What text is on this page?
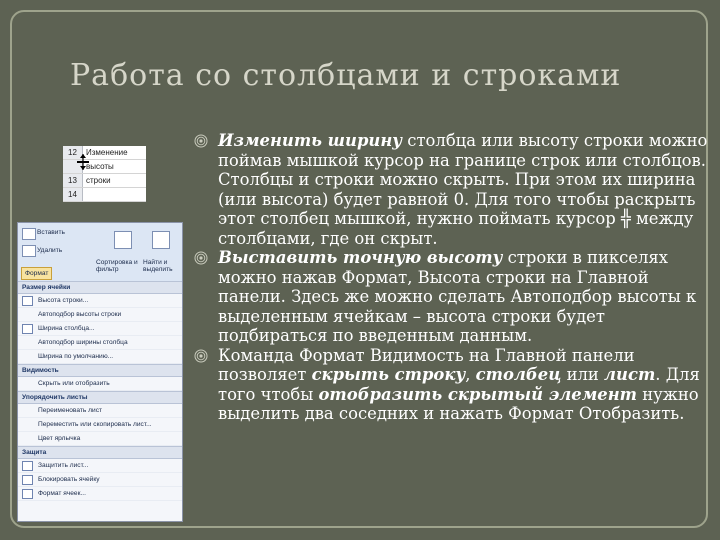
Работа со столбцами и строками
12	Изменение
высоты
13	строки
14
Вставить
Удалить
Формат
Сортировка и фильтр
Найти и выделить
Размер ячейки
Высота строки...
Автоподбор высоты строки
Ширина столбца...
Автоподбор ширины столбца
Ширина по умолчанию...
Видимость
Скрыть или отобразить
Упорядочить листы
Переименовать лист
Переместить или скопировать лист...
Цвет ярлычка
Защита
Защитить лист...
Блокировать ячейку
Формат ячеек...

Изменить ширину столбца или высоту строки можно поймав мышкой курсор на границе строк или столбцов. Столбцы и строки можно скрыть. При этом их ширина (или высота) будет равной 0. Для того чтобы раскрыть этот столбец мышкой, нужно поймать курсор ╬ между столбцами, где он скрыт.

Выставить точную высоту строки в пикселях можно нажав Формат, Высота строки на Главной панели. Здесь же можно сделать Автоподбор высоты к выделенным ячейкам – высота строки будет подбираться по введенным данным.

Команда Формат Видимость на Главной панели позволяет скрыть строку, столбец или лист. Для того чтобы отобразить скрытый элемент нужно выделить два соседних и нажать Формат Отобразить.
